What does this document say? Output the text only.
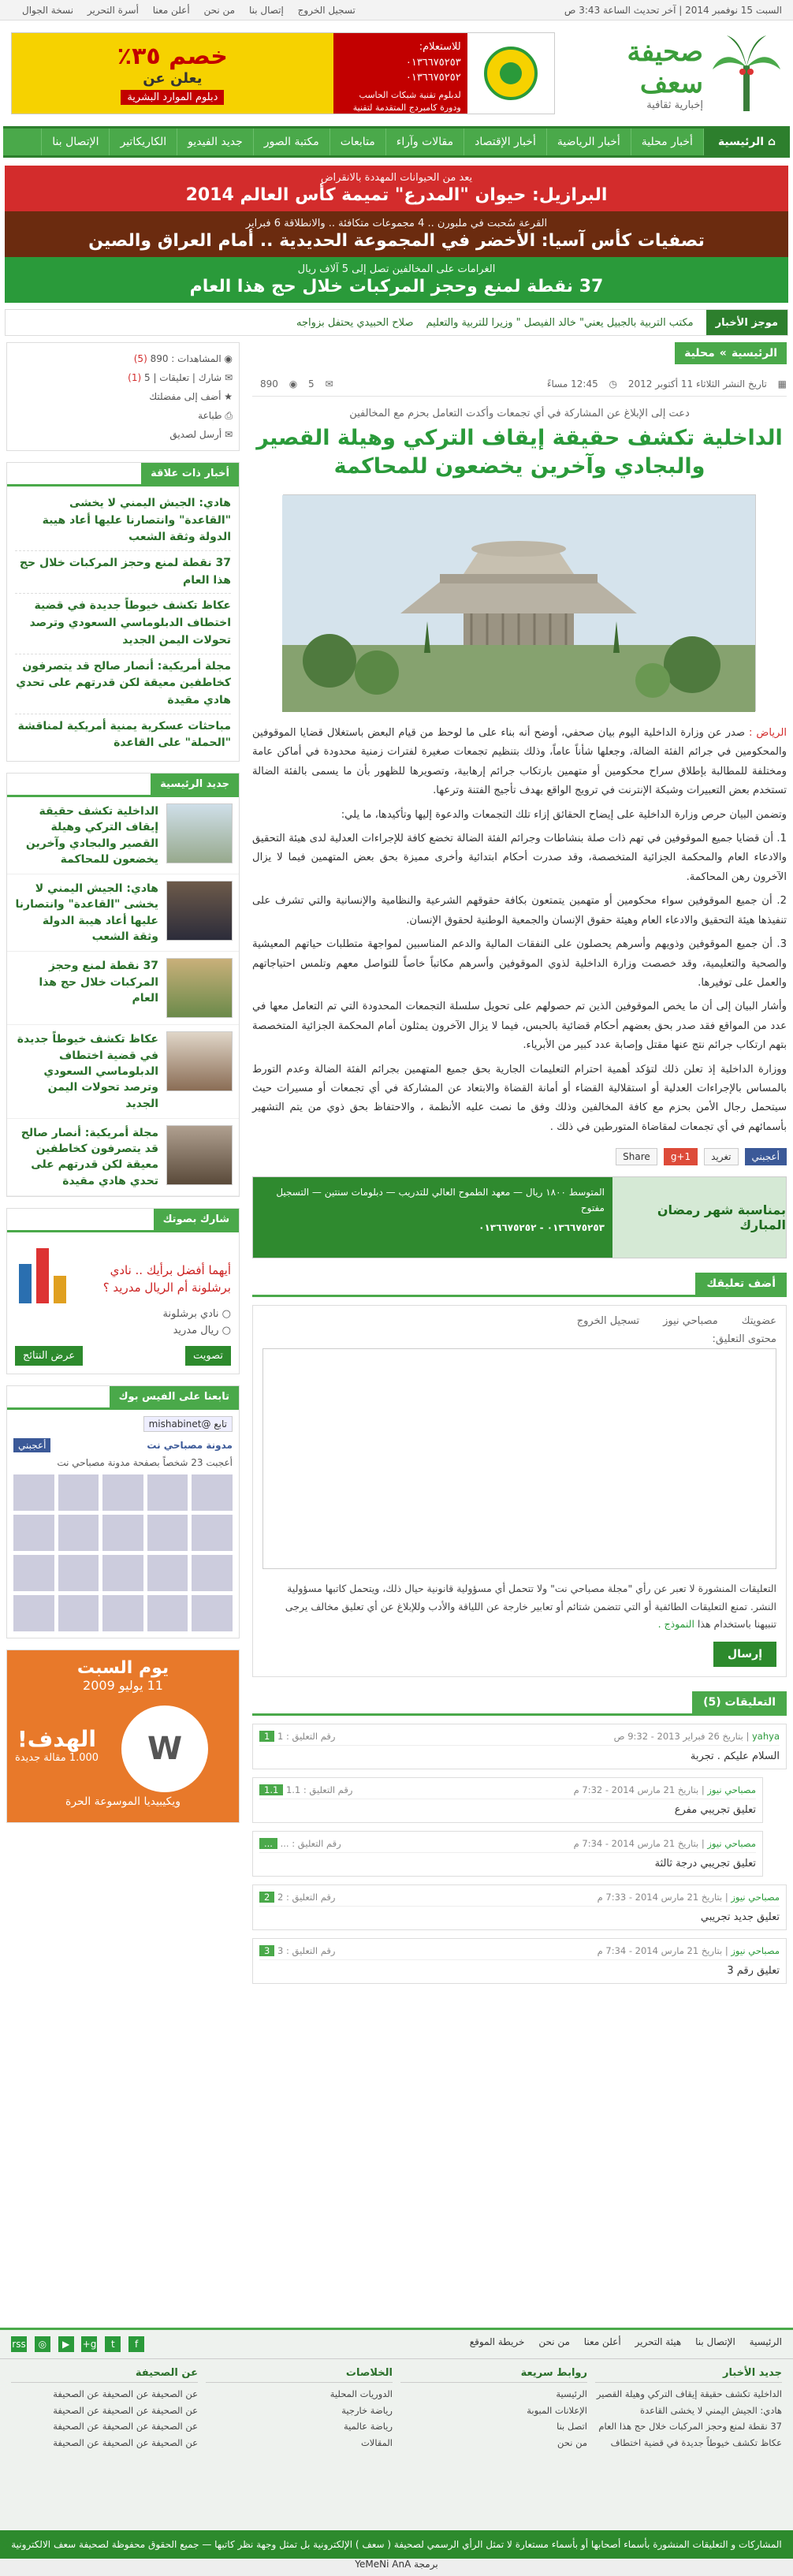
السبت 15 نوفمبر 2014 | آخر تحديث الساعة 3:43 ص
تسجيل الخروج إتصال بنا من نحن أعلن معنا أسرة التحرير نسخة الجوال
صحيفة سعف
إخبارية ثقافية
للاستعلام:
٠١٣٦٦٧٥٢٥٣
٠١٣٦٦٧٥٢٥٢
لدبلوم تقنية شبكات الحاسب ودورة كامبردج المتقدمة لتقنية المعلومات
خصم ٣٥٪
يعلن عن
دبلوم الموارد البشرية
⌂
الرئيسية
أخبار محلية
أخبار الرياضية
أخبار الإقتصاد
مقالات وآراء
متابعات
مكتبة الصور
جديد الفيديو
الكاريكاتير
الإتصال بنا
يعد من الحيوانات المهددة بالانقراض
البرازيل: حيوان "المدرع" تميمة كأس العالم 2014
القرعة سُحبت في ملبورن .. 4 مجموعات متكافئة .. والانطلاقة 6 فبراير
تصفيات كأس آسيا: الأخضر في المجموعة الحديدية .. أمام العراق والصين
الغرامات على المخالفين تصل إلى 5 آلاف ريال
37 نقطة لمنع وحجز المركبات خلال حج هذا العام
موجز الأخبار
مكتب التربية بالجبيل يعني" خالد الفيصل " وزيرا للتربية والتعليم
صلاح الحبيدي يحتفل بزواجه
الرئيسية
»
محلية
▦ تاريخ النشر الثلاثاء 11 أكتوبر 2012 ◷ 12:45 مساءً
✉ 5 ◉ 890
دعت إلى الإبلاغ عن المشاركة في أي تجمعات وأكدت التعامل بحزم مع المخالفين
الداخلية تكشف حقيقة إيقاف التركي وهيلة القصير والبجادي وآخرين يخضعون للمحاكمة

الرياض : صدر عن وزارة الداخلية اليوم بيان صحفي، أوضح أنه بناء على ما لوحظ من قيام البعض باستغلال قضايا الموقوفين والمحكومين في جرائم الفئة الضالة، وجعلها شأناً عاماً، وذلك بتنظيم تجمعات صغيرة لفترات زمنية محدودة في أماكن عامة ومختلفة للمطالبة بإطلاق سراح محكومين أو متهمين بارتكاب جرائم إرهابية، وتصويرها للظهور بأن ما يسمى بالفئة الضالة تستخدم بعض التعبيرات وشبكة الإنترنت في ترويج الواقع بهدف تأجيج الفتنة وترعها.

وتضمن البيان حرص وزارة الداخلية على إيضاح الحقائق إزاء تلك التجمعات والدعوة إليها وتأكيدها، ما يلي:

1. أن قضايا جميع الموقوفين في تهم ذات صلة بنشاطات وجرائم الفئة الضالة تخضع كافة للإجراءات العدلية لدى هيئة التحقيق والادعاء العام والمحكمة الجزائية المتخصصة، وقد صدرت أحكام ابتدائية وأخرى مميزة بحق بعض المتهمين فيما لا يزال الآخرون رهن المحاكمة.

2. أن جميع الموقوفين سواء محكومين أو متهمين يتمتعون بكافة حقوقهم الشرعية والنظامية والإنسانية والتي تشرف على تنفيذها هيئة التحقيق والادعاء العام وهيئة حقوق الإنسان والجمعية الوطنية لحقوق الإنسان.

3. أن جميع الموقوفين وذويهم وأسرهم يحصلون على النفقات المالية والدعم المناسبين لمواجهة متطلبات حياتهم المعيشية والصحية والتعليمية، وقد خصصت وزارة الداخلية لذوي الموقوفين وأسرهم مكاتباً خاصاً للتواصل معهم وتلمس احتياجاتهم والعمل على توفيرها.

وأشار البيان إلى أن ما يخص الموقوفين الذين تم حصولهم على تحويل سلسلة التجمعات المحدودة التي تم التعامل معها في عدد من المواقع فقد صدر بحق بعضهم أحكام قضائية بالحبس، فيما لا يزال الآخرون يمثلون أمام المحكمة الجزائية المتخصصة بتهم ارتكاب جرائم نتج عنها مقتل وإصابة عدد كبير من الأبرياء.

ووزارة الداخلية إذ تعلن ذلك لتؤكد أهمية احترام التعليمات الجارية بحق جميع المتهمين بجرائم الفئة الضالة وعدم التورط بالمساس بالإجراءات العدلية أو استقلالية القضاء أو أمانة القضاة والابتعاد عن المشاركة في أي تجمعات أو مسيرات حيث سيتحمل رجال الأمن بحزم مع كافة المخالفين وذلك وفق ما نصت عليه الأنظمة ، والاحتفاظ بحق ذوي من يتم التشهير بأسمائهم في أي تجمعات لمقاضاة المتورطين في ذلك .

أعجبني
تغريد
g+1
Share
بمناسبة شهر رمضان المبارك
المتوسط ١٨٠٠ ريال — معهد الطموح العالي للتدريب — دبلومات سنتين — التسجيل مفتوح
٠١٣٦٦٧٥٢٥٣ - ٠١٣٦٦٧٥٢٥٢
أضف تعليقك
عضويتك
مصباحي نيوز
تسجيل الخروج
محتوى التعليق:
التعليقات المنشورة لا تعبر عن رأي "مجلة مصباحي نت" ولا تتحمل أي مسؤولية قانونية حيال ذلك، ويتحمل كاتبها مسؤولية النشر. تمنع التعليقات الطائفية أو التي تتضمن شتائم أو تعابير خارجة عن اللياقة والأدب وللإبلاغ عن أي تعليق مخالف يرجى تنبيهنا باستخدام هذا النموذج .
إرسال
التعليقات (5)
yahya | بتاريخ 26 فبراير 2013 - 9:32 ص
رقم التعليق : 1 1
السلام عليكم . تجربة
مصباحي نيوز | بتاريخ 21 مارس 2014 - 7:32 م
رقم التعليق : 1.1 1.1
تعليق تجريبي مفرع
مصباحي نيوز | بتاريخ 21 مارس 2014 - 7:34 م
رقم التعليق : ... ...
تعليق تجريبي درجة ثالثة
مصباحي نيوز | بتاريخ 21 مارس 2014 - 7:33 م
رقم التعليق : 2 2
تعليق جديد تجريبي
مصباحي نيوز | بتاريخ 21 مارس 2014 - 7:34 م
رقم التعليق : 3 3
تعليق رقم 3
◉ المشاهدات : 890 (5)
✉ شارك | تعليقات | 5 (1)
★ أضف إلى مفضلتك
⎙ طباعة
✉ أرسل لصديق
أخبار ذات علاقة
هادي: الجيش اليمني لا يخشى "القاعدة" وانتصارنا عليها أعاد هيبة الدولة وثقة الشعب
37 نقطة لمنع وحجز المركبات خلال حج هذا العام
عكاظ تكشف خيوطاً جديدة في قضية اختطاف الدبلوماسي السعودي وترصد تحولات اليمن الجديد
مجلة أمريكية: أنصار صالح قد يتصرفون كخاطفين معيقة لكن قدرتهم على تحدي هادي مقيدة
مباحثات عسكرية يمنية أمريكية لمناقشة "الحملة" على القاعدة
جديد الرئيسية
الداخلية تكشف حقيقة إيقاف التركي وهيلة القصير والبجادي وآخرين يخضعون للمحاكمة
هادي: الجيش اليمني لا يخشى "القاعدة" وانتصارنا عليها أعاد هيبة الدولة وثقة الشعب
37 نقطة لمنع وحجز المركبات خلال حج هذا العام
عكاظ تكشف خيوطاً جديدة في قضية اختطاف الدبلوماسي السعودي وترصد تحولات اليمن الجديد
مجلة أمريكية: أنصار صالح قد يتصرفون كخاطفين معيقة لكن قدرتهم على تحدي هادي مقيدة
شارك بصوتك
أيهما أفضل برأيك .. نادي برشلونة أم الريال مدريد ؟
○ نادي برشلونة
○ ريال مدريد
تصويت
عرض النتائج
تابعنا على الفيس بوك
تابع @mishabinet
مدونة مصباحي نت
أعجبني
أعجبت 23 شخصاً بصفحة مدونة مصباحي نت
يوم السبت
11 يوليو 2009
W
الهدف!
1.000 مقالة جديدة
ويكيبيديا الموسوعة الحرة
الرئيسية الإتصال بنا هيئة التحرير أعلن معنا من نحن خريطة الموقع
f t g+ ▶ ◎ rss
جديد الأخبار
الداخلية تكشف حقيقة إيقاف التركي وهيلة القصير
هادي: الجيش اليمني لا يخشى القاعدة
37 نقطة لمنع وحجز المركبات خلال حج هذا العام
عكاظ تكشف خيوطاً جديدة في قضية اختطاف
روابط سريعة
الرئيسية
الإعلانات المبوبة
اتصل بنا
من نحن
الخلاصات
الدوريات المحلية
رياضة خارجية
رياضة عالمية
المقالات
عن الصحيفة
عن الصحيفة عن الصحيفة عن الصحيفة
عن الصحيفة عن الصحيفة عن الصحيفة
عن الصحيفة عن الصحيفة عن الصحيفة
عن الصحيفة عن الصحيفة عن الصحيفة
المشاركات و التعليقات المنشورة بأسماء أصحابها أو بأسماء مستعارة لا تمثل الرأي الرسمي لصحيفة ( سعف ) الإلكترونية بل تمثل وجهة نظر كاتبها — جميع الحقوق محفوظة لصحيفة سعف الالكترونية
برمجة YeMeNi AnA
